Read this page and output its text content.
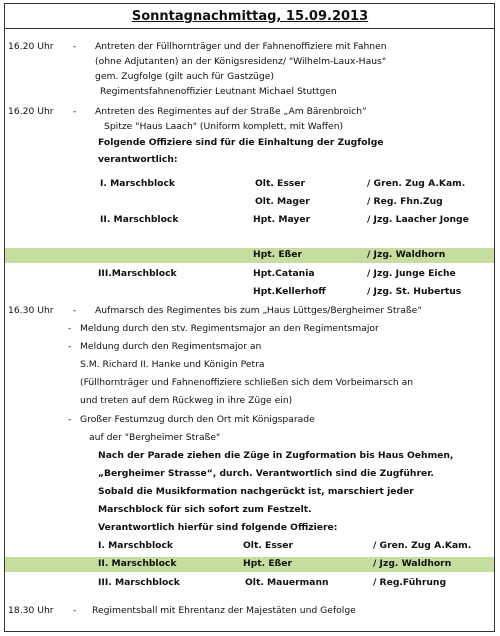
Sonntagnachmittag, 15.09.2013
16.20 Uhr - Antreten der Füllhornträger und der Fahnenoffiziere mit Fahnen
(ohne Adjutanten) an der Königsresidenz/ "Wilhelm-Laux-Haus"
gem. Zugfolge (gilt auch für Gastzüge)
Regimentsfahnenoffizier Leutnant Michael Stuttgen
16.20 Uhr - Antreten des Regimentes auf der Straße „Am Bärenbroich“
Spitze "Haus Laach" (Uniform komplett, mit Waffen)
Folgende Offiziere sind für die Einhaltung der Zugfolge
verantwortlich:
I. Marschblock	Olt. Esser	/ Gren. Zug A.Kam.
Olt. Mager	/ Reg. Fhn.Zug
II. Marschblock	Hpt. Mayer	/ Jzg. Laacher Jonge
Hpt. Eßer	/ Jzg. Waldhorn
III.Marschblock	Hpt.Catania	/ Jzg. Junge Eiche
Hpt.Kellerhoff	/ Jzg. St. Hubertus
16.30 Uhr - Aufmarsch des Regimentes bis zum „Haus Lüttges/Bergheimer Straße“
- Meldung durch den stv. Regimentsmajor an den Regimentsmajor
- Meldung durch den Regimentsmajor an
S.M. Richard II. Hanke und Königin Petra
(Füllhornträger und Fahnenoffiziere schließen sich dem Vorbeimarsch an
und treten auf dem Rückweg in ihre Züge ein)
- Großer Festumzug durch den Ort mit Königsparade
auf der "Bergheimer Straße"
Nach der Parade ziehen die Züge in Zugformation bis Haus Oehmen,
„Bergheimer Strasse“, durch. Verantwortlich sind die Zugführer.
Sobald die Musikformation nachgerückt ist, marschiert jeder
Marschblock für sich sofort zum Festzelt.
Verantwortlich hierfür sind folgende Offiziere:
I. Marschblock	Olt. Esser	/ Gren. Zug A.Kam.
II. Marschblock	Hpt. Eßer	/ Jzg. Waldhorn
III. Marschblock	Olt. Mauermann	/ Reg.Führung
18.30 Uhr - Regimentsball mit Ehrentanz der Majestäten und Gefolge
